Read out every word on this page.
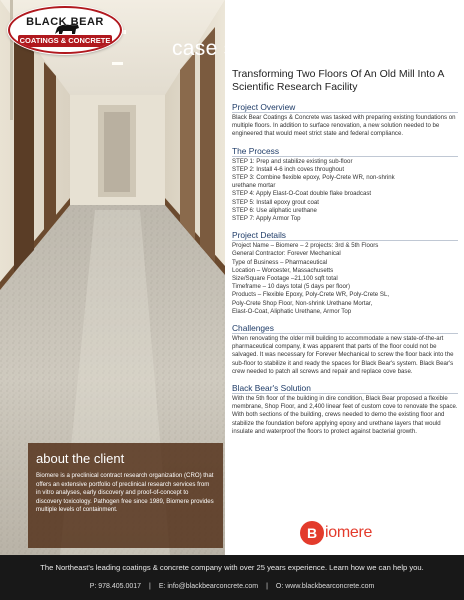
BLACK BEAR
COATINGS & CONCRETE	case study
Transforming Two Floors Of An Old Mill Into A Scientific Research Facility
Project Overview
Black Bear Coatings & Concrete was tasked with preparing existing foundations on multiple floors. In addition to surface renovation, a new solution needed to be engineered that would meet strict state and federal compliance.
The Process
STEP 1: Prep and stabilize existing sub-floor
STEP 2: Install 4-6 inch coves throughout
STEP 3: Combine flexible epoxy, Poly-Crete WR, non-shrink
urethane mortar
STEP 4: Apply Elast-O-Coat double flake broadcast
STEP 5: Install epoxy grout coat
STEP 6: Use aliphatic urethane
STEP 7: Apply Armor Top
Project Details
Project Name – Biomere – 2 projects: 3rd & 5th Floors
General Contractor: Forever Mechanical
Type of Business – Pharmaceutical
Location – Worcester, Massachusetts
Size/Square Footage –21,100 sqft total
Timeframe – 10 days total (5 days per floor)
Products – Flexible Epoxy, Poly-Crete WR, Poly-Crete SL,
Poly-Crete Shop Floor, Non-shrink Urethane Mortar,
Elast-O-Coat, Aliphatic Urethane, Armor Top
Challenges
When renovating the older mill building to accommodate a new state-of-the-art pharmaceutical company, it was apparent that parts of the floor could not be salvaged. It was necessary for Forever Mechanical to screw the floor back into the sub-floor to stabilize it and ready the spaces for Black Bear's system. Black Bear's crew needed to patch all screws and repair and replace cove base.
Black Bear's Solution
With the 5th floor of the building in dire condition, Black Bear proposed a flexible membrane, Shop Floor, and 2,400 linear feet of custom cove to renovate the space. With both sections of the building, crews needed to demo the existing floor and stabilize the foundation before applying epoxy and urethane layers that would insulate and waterproof the floors to protect against bacterial growth.
about the client
Biomere is a preclinical contract research organization (CRO) that offers an extensive portfolio of preclinical research services from in vitro analyses, early discovery and proof-of-concept to discovery toxicology. Pathogen free since 1989, Biomere provides multiple levels of containment.
B iomere
The Northeast's leading coatings & concrete company with over 25 years experience. Learn how we can help you.
P: 978.405.0017 | E: info@blackbearconcrete.com | O: www.blackbearconcrete.com
